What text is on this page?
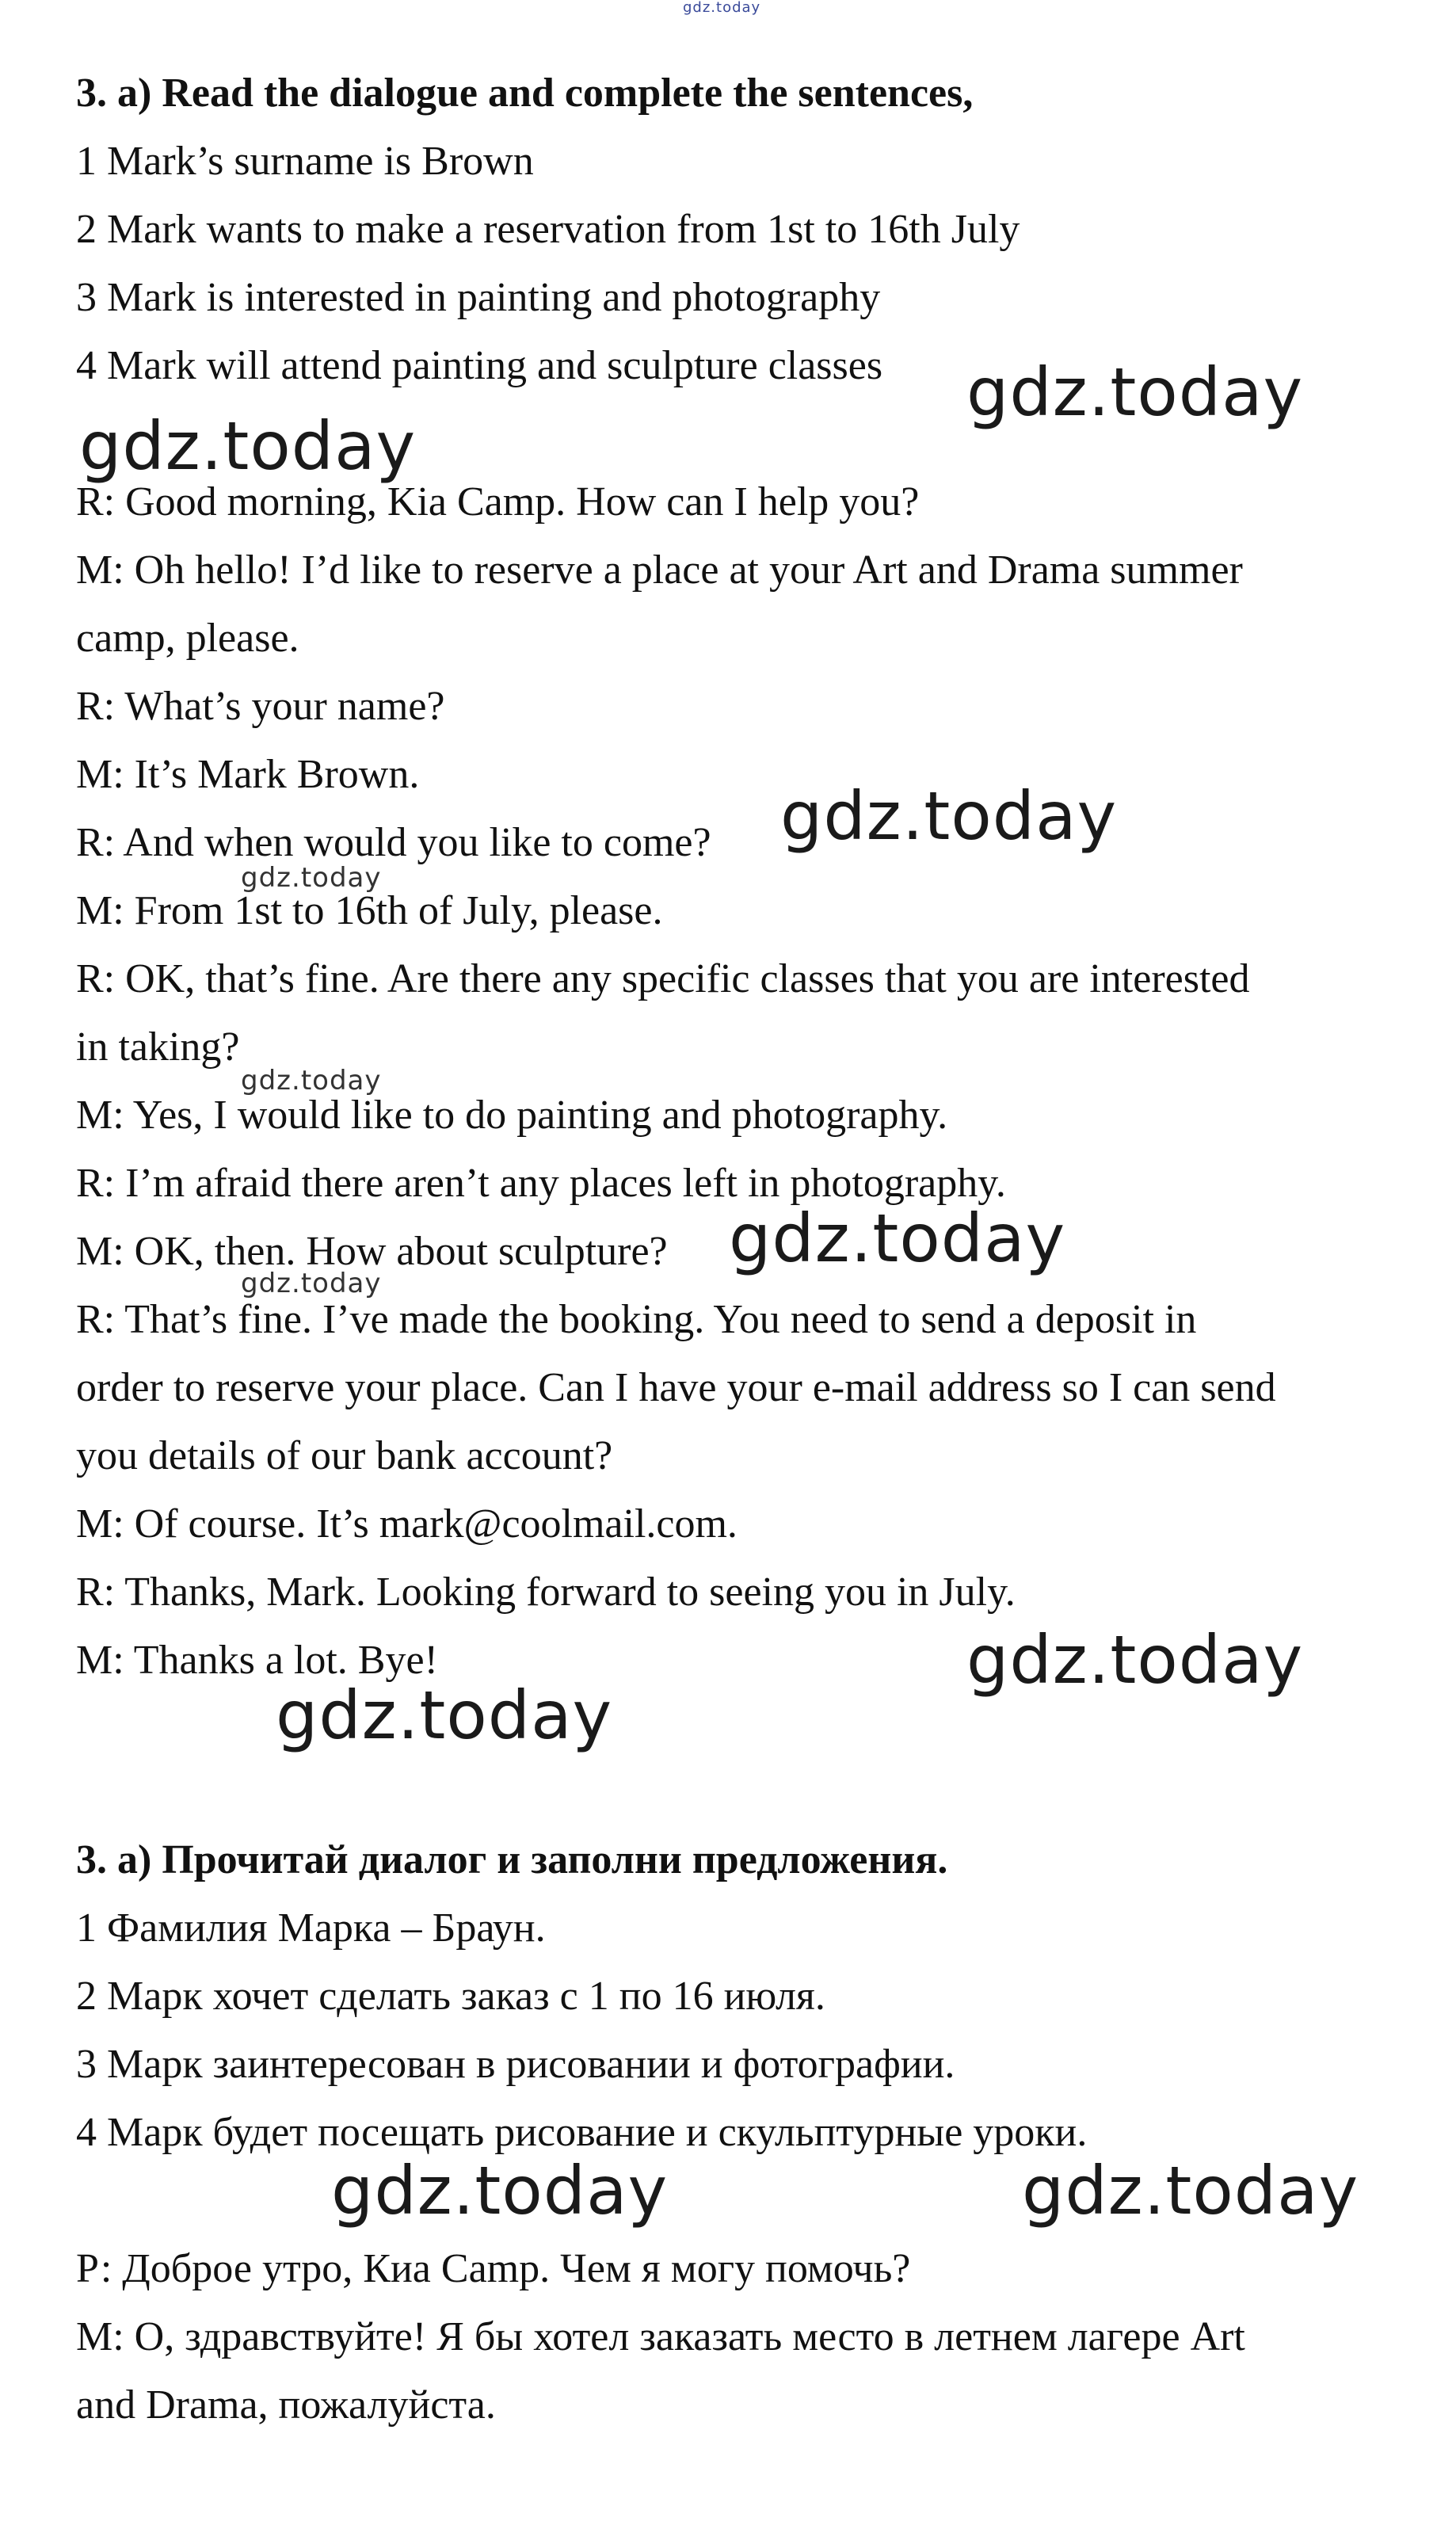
gdz.today
3. a) Read the dialogue and complete the sentences,
1 Mark’s surname is Brown
2 Mark wants to make a reservation from 1st to 16th July
3 Mark is interested in painting and photography
4 Mark will attend painting and sculpture classes gdz.today
gdz.today
R: Good morning, Kia Camp. How can I help you?
M: Oh hello! I’d like to reserve a place at your Art and Drama summer
camp, please.
R: What’s your name?
M: It’s Mark Brown.
R: And when would you like to come? gdz.today
gdz.today
M: From 1st to 16th of July, please.
R: OK, that’s fine. Are there any specific classes that you are interested
in taking?
gdz.today
M: Yes, I would like to do painting and photography.
R: I’m afraid there aren’t any places left in photography.
M: OK, then. How about sculpture? gdz.today
gdz.today
R: That’s fine. I’ve made the booking. You need to send a deposit in
order to reserve your place. Can I have your e-mail address so I can send
you details of our bank account?
M: Of course. It’s mark@coolmail.com.
R: Thanks, Mark. Looking forward to seeing you in July.
M: Thanks a lot. Bye!	gdz.today
gdz.today
3. а) Прочитай диалог и заполни предложения.
1 Фамилия Марка – Браун.
2 Марк хочет сделать заказ с 1 по 16 июля.
3 Марк заинтересован в рисовании и фотографии.
4 Марк будет посещать рисование и скульптурные уроки.
gdz.today	gdz.today
Р: Доброе утро, Киа Camp. Чем я могу помочь?
М: О, здравствуйте! Я бы хотел заказать место в летнем лагере Art
and Drama, пожалуйста.
